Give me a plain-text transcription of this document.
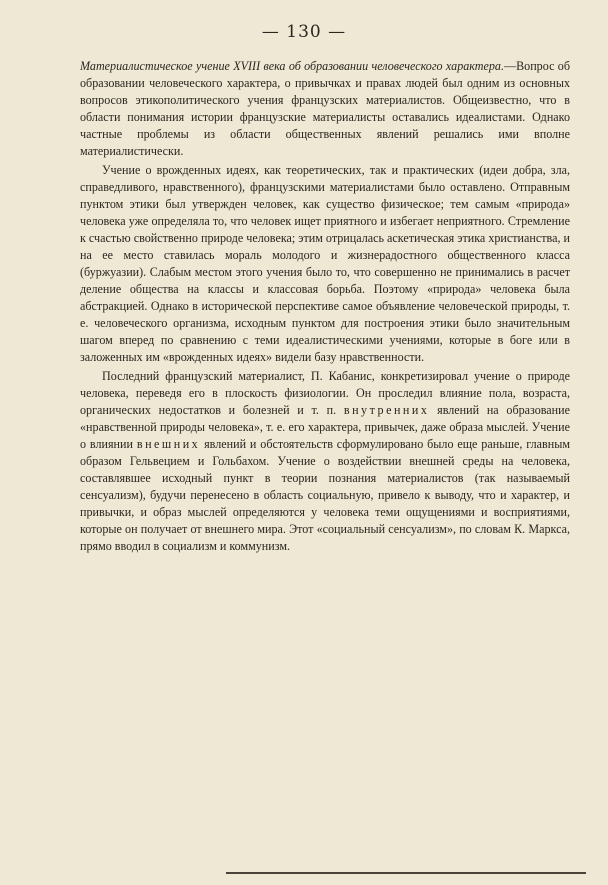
— 130 —

Материалистическое учение XVIII века об образовании человеческого характера.—Вопрос об образовании человеческого характера, о привычках и правах людей был одним из основных вопросов этикополитического учения французских материалистов. Общеизвестно, что в области понимания истории французские материалисты оставались идеалистами. Однако частные проблемы из области общественных явлений решались ими вполне материалистически.

Учение о врожденных идеях, как теоретических, так и практических (идеи добра, зла, справедливого, нравственного), французскими материалистами было оставлено. Отправным пунктом этики был утвержден человек, как существо физическое; тем самым «природа» человека уже определяла то, что человек ищет приятного и избегает неприятного. Стремление к счастью свойственно природе человека; этим отрицалась аскетическая этика христианства, и на ее место ставилась мораль молодого и жизнерадостного общественного класса (буржуазии). Слабым местом этого учения было то, что совершенно не принимались в расчет деление общества на классы и классовая борьба. Поэтому «природа» человека была абстракцией. Однако в исторической перспективе самое объявление человеческой природы, т. е. человеческого организма, исходным пунктом для построения этики было значительным шагом вперед по сравнению с теми идеалистическими учениями, которые в боге или в заложенных им «врожденных идеях» видели базу нравственности.

Последний французский материалист, П. Кабанис, конкретизировал учение о природе человека, переведя его в плоскость физиологии. Он проследил влияние пола, возраста, органических недостатков и болезней и т. п. внутренних явлений на образование «нравственной природы человека», т. е. его характера, привычек, даже образа мыслей. Учение о влиянии внешних явлений и обстоятельств сформулировано было еще раньше, главным образом Гельвецием и Гольбахом. Учение о воздействии внешней среды на человека, составлявшее исходный пункт в теории познания материалистов (так называемый сенсуализм), будучи перенесено в область социальную, привело к выводу, что и характер, и привычки, и образ мыслей определяются у человека теми ощущениями и восприятиями, которые он получает от внешнего мира. Этот «социальный сенсуализм», по словам К. Маркса, прямо вводил в социализм и коммунизм.
